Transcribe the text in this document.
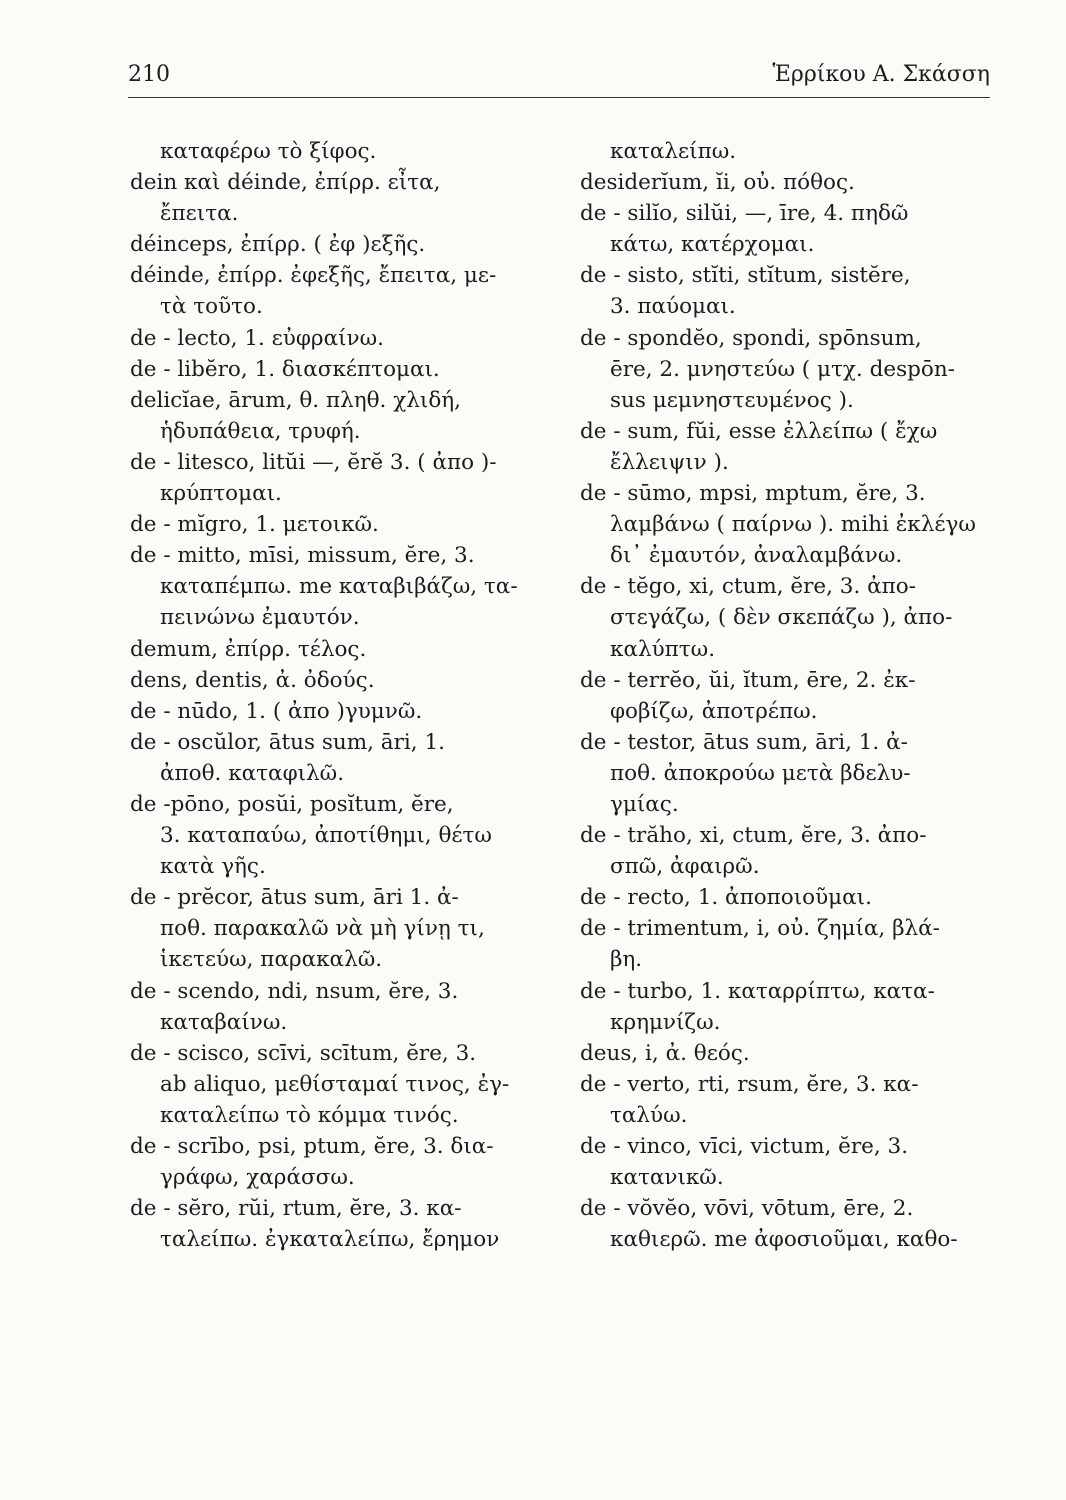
210	Ἑρρίκου Α. Σκάσση
καταφέρω τὸ ξίφος.
dein καὶ déinde, ἐπίρρ. εἶτα,
ἔπειτα.
déinceps, ἐπίρρ. ( ἐφ )εξῆς.
déinde, ἐπίρρ. ἐφεξῆς, ἔπειτα, με-
τὰ τοῦτο.
de - lecto, 1. εὐφραίνω.
de - libĕro, 1. διασκέπτομαι.
delicĭae, ārum, θ. πληθ. χλιδή,
ἡδυπάθεια, τρυφή.
de - litesco, litŭi —, ĕrĕ 3. ( ἀπο )-
κρύπτομαι.
de - mĭgro, 1. μετοικῶ.
de - mitto, mīsi, missum, ĕre, 3.
καταπέμπω. me καταβιβάζω, τα-
πεινώνω ἐμαυτόν.
demum, ἐπίρρ. τέλος.
dens, dentis, ἀ. ὀδούς.
de - nūdo, 1. ( ἀπο )γυμνῶ.
de - oscŭlor, ātus sum, āri, 1.
ἀποθ. καταφιλῶ.
de -pōno, posŭi, posĭtum, ĕre,
3. καταπαύω, ἀποτίθημι, θέτω
κατὰ γῆς.
de - prĕcor, ātus sum, āri 1. ἀ-
ποθ. παρακαλῶ νὰ μὴ γίνῃ τι,
ἱκετεύω, παρακαλῶ.
de - scendo, ndi, nsum, ĕre, 3.
καταβαίνω.
de - scisco, scīvi, scītum, ĕre, 3.
ab aliquo, μεθίσταμαί τινος, ἐγ-
καταλείπω τὸ κόμμα τινός.
de - scrībo, psi, ptum, ĕre, 3. δια-
γράφω, χαράσσω.
de - sĕro, rŭi, rtum, ĕre, 3. κα-
ταλείπω. ἐγκαταλείπω, ἔρημον
καταλείπω.
desiderĭum, ĭi, οὐ. πόθος.
de - silĭo, silŭi, —, īre, 4. πηδῶ
κάτω, κατέρχομαι.
de - sisto, stĭti, stĭtum, sistĕre,
3. παύομαι.
de - spondĕo, spondi, spōnsum,
ēre, 2. μνηστεύω ( μτχ. despōn-
sus μεμνηστευμένος ).
de - sum, fŭi, esse ἐλλείπω ( ἔχω
ἔλλειψιν ).
de - sūmo, mpsi, mptum, ĕre, 3.
λαμβάνω ( παίρνω ). mihi ἐκλέγω
δι᾽ ἐμαυτόν, ἀναλαμβάνω.
de - tĕgo, xi, ctum, ĕre, 3. ἀπο-
στεγάζω, ( δὲν σκεπάζω ), ἀπο-
καλύπτω.
de - terrĕo, ŭi, ĭtum, ēre, 2. ἐκ-
φοβίζω, ἀποτρέπω.
de - testor, ātus sum, āri, 1. ἀ-
ποθ. ἀποκρούω μετὰ βδελυ-
γμίας.
de - trăho, xi, ctum, ĕre, 3. ἀπο-
σπῶ, ἀφαιρῶ.
de - recto, 1. ἀποποιοῦμαι.
de - trimentum, i, οὐ. ζημία, βλά-
βη.
de - turbo, 1. καταρρίπτω, κατα-
κρημνίζω.
deus, i, ἀ. θεός.
de - verto, rti, rsum, ĕre, 3. κα-
ταλύω.
de - vinco, vīci, victum, ĕre, 3.
κατανικῶ.
de - vŏvĕo, vōvi, vōtum, ēre, 2.
καθιερῶ. me ἀφοσιοῦμαι, καθο-
